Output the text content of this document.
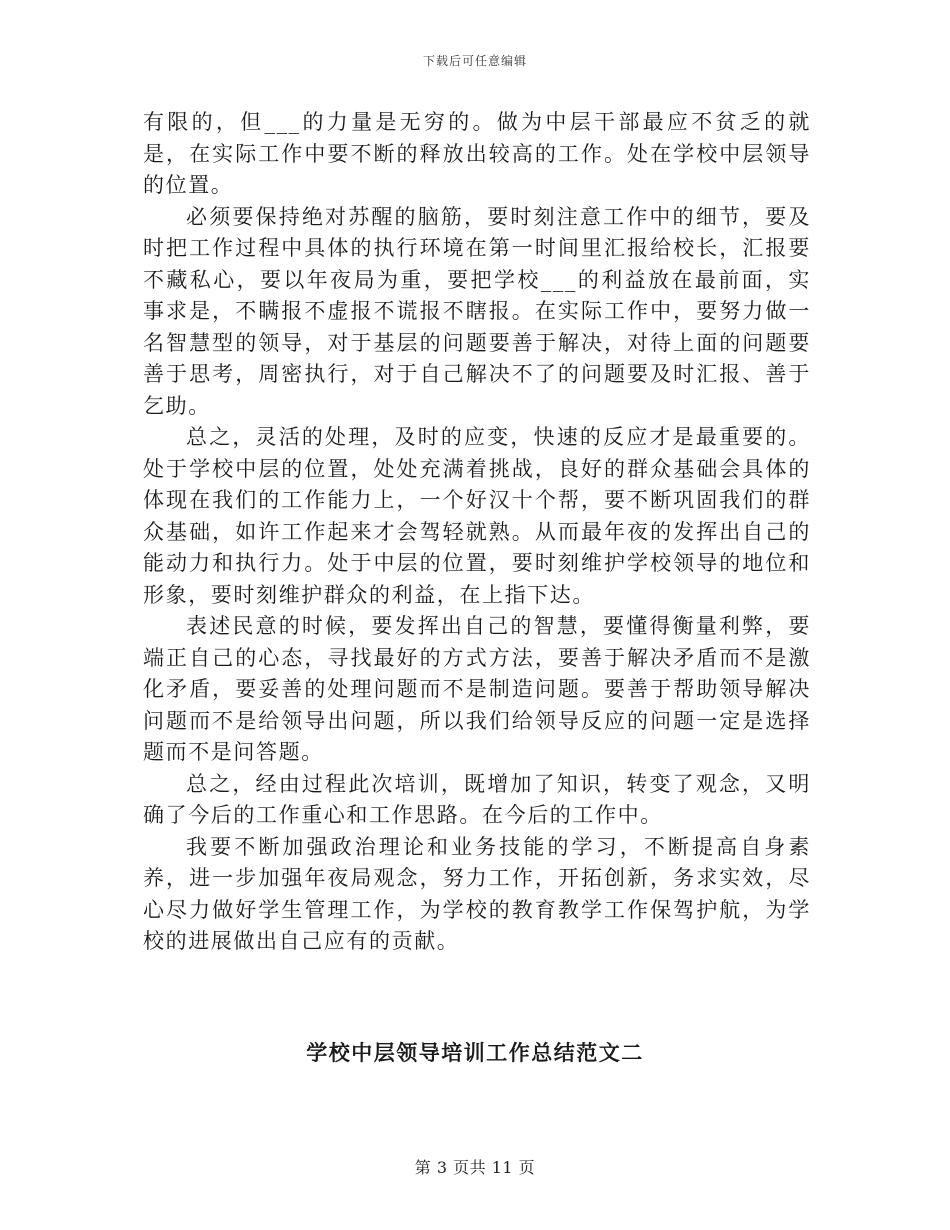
下载后可任意编辑

有限的，但___的力量是无穷的。做为中层干部最应不贫乏的就是，在实际工作中要不断的释放出较高的工作。处在学校中层领导的位置。

必须要保持绝对苏醒的脑筋，要时刻注意工作中的细节，要及时把工作过程中具体的执行环境在第一时间里汇报给校长，汇报要不藏私心，要以年夜局为重，要把学校___的利益放在最前面，实事求是，不瞒报不虚报不谎报不瞎报。在实际工作中，要努力做一名智慧型的领导，对于基层的问题要善于解决，对待上面的问题要善于思考，周密执行，对于自己解决不了的问题要及时汇报、善于乞助。

总之，灵活的处理，及时的应变，快速的反应才是最重要的。处于学校中层的位置，处处充满着挑战，良好的群众基础会具体的体现在我们的工作能力上，一个好汉十个帮，要不断巩固我们的群众基础，如许工作起来才会驾轻就熟。从而最年夜的发挥出自己的能动力和执行力。处于中层的位置，要时刻维护学校领导的地位和形象，要时刻维护群众的利益，在上指下达。

表述民意的时候，要发挥出自己的智慧，要懂得衡量利弊，要端正自己的心态，寻找最好的方式方法，要善于解决矛盾而不是激化矛盾，要妥善的处理问题而不是制造问题。要善于帮助领导解决问题而不是给领导出问题，所以我们给领导反应的问题一定是选择题而不是问答题。

总之，经由过程此次培训，既增加了知识，转变了观念，又明确了今后的工作重心和工作思路。在今后的工作中。

我要不断加强政治理论和业务技能的学习，不断提高自身素养，进一步加强年夜局观念，努力工作，开拓创新，务求实效，尽心尽力做好学生管理工作，为学校的教育教学工作保驾护航，为学校的进展做出自己应有的贡献。

学校中层领导培训工作总结范文二
第 3 页共 11 页
